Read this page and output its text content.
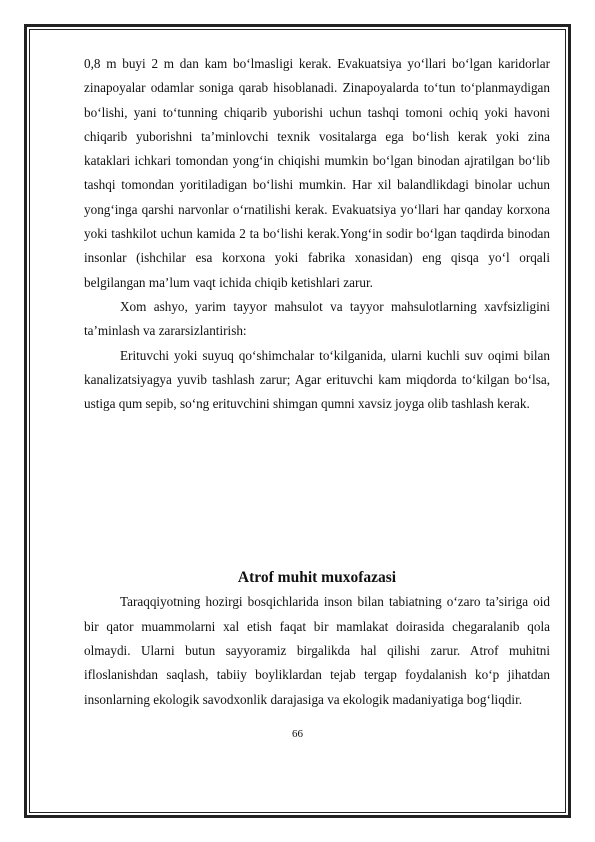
0,8 m buyi 2 m dan kam bo‘lmasligi kerak. Evakuatsiya yo‘llari bo‘lgan karidorlar zinapoyalar odamlar soniga qarab hisoblanadi. Zinapoyalarda to‘tun to‘planmaydigan bo‘lishi, yani to‘tunning chiqarib yuborishi uchun tashqi tomoni ochiq yoki havoni chiqarib yuborishni ta’minlovchi texnik vositalarga ega bo‘lish kerak yoki zina kataklari ichkari tomondan yong‘in chiqishi mumkin bo‘lgan binodan ajratilgan bo‘lib tashqi tomondan yoritiladigan bo‘lishi mumkin. Har xil balandlikdagi binolar uchun yong‘inga qarshi narvonlar o‘rnatilishi kerak. Evakuatsiya yo‘llari har qanday korxona yoki tashkilot uchun kamida 2 ta bo‘lishi kerak.Yong‘in sodir bo‘lgan taqdirda binodan insonlar (ishchilar esa korxona yoki fabrika xonasidan) eng qisqa yo‘l orqali belgilangan ma’lum vaqt ichida chiqib ketishlari zarur.

Xom ashyo, yarim tayyor mahsulot va tayyor mahsulotlarning xavfsizligini ta’minlash va zararsizlantirish:

Erituvchi yoki suyuq qo‘shimchalar to‘kilganida, ularni kuchli suv oqimi bilan kanalizatsiyagya yuvib tashlash zarur; Agar erituvchi kam miqdorda to‘kilgan bo‘lsa, ustiga qum sepib, so‘ng erituvchini shimgan qumni xavsiz joyga olib tashlash kerak.

Atrof muhit muxofazasi

Taraqqiyotning hozirgi bosqichlarida inson bilan tabiatning o‘zaro ta’siriga oid bir qator muammolarni xal etish faqat bir mamlakat doirasida chegaralanib qola olmaydi. Ularni butun sayyoramiz birgalikda hal qilishi zarur. Atrof muhitni ifloslanishdan saqlash, tabiiy boyliklardan tejab tergap foydalanish ko‘p jihatdan insonlarning ekologik savodxonlik darajasiga va ekologik madaniyatiga bog‘liqdir.

66
